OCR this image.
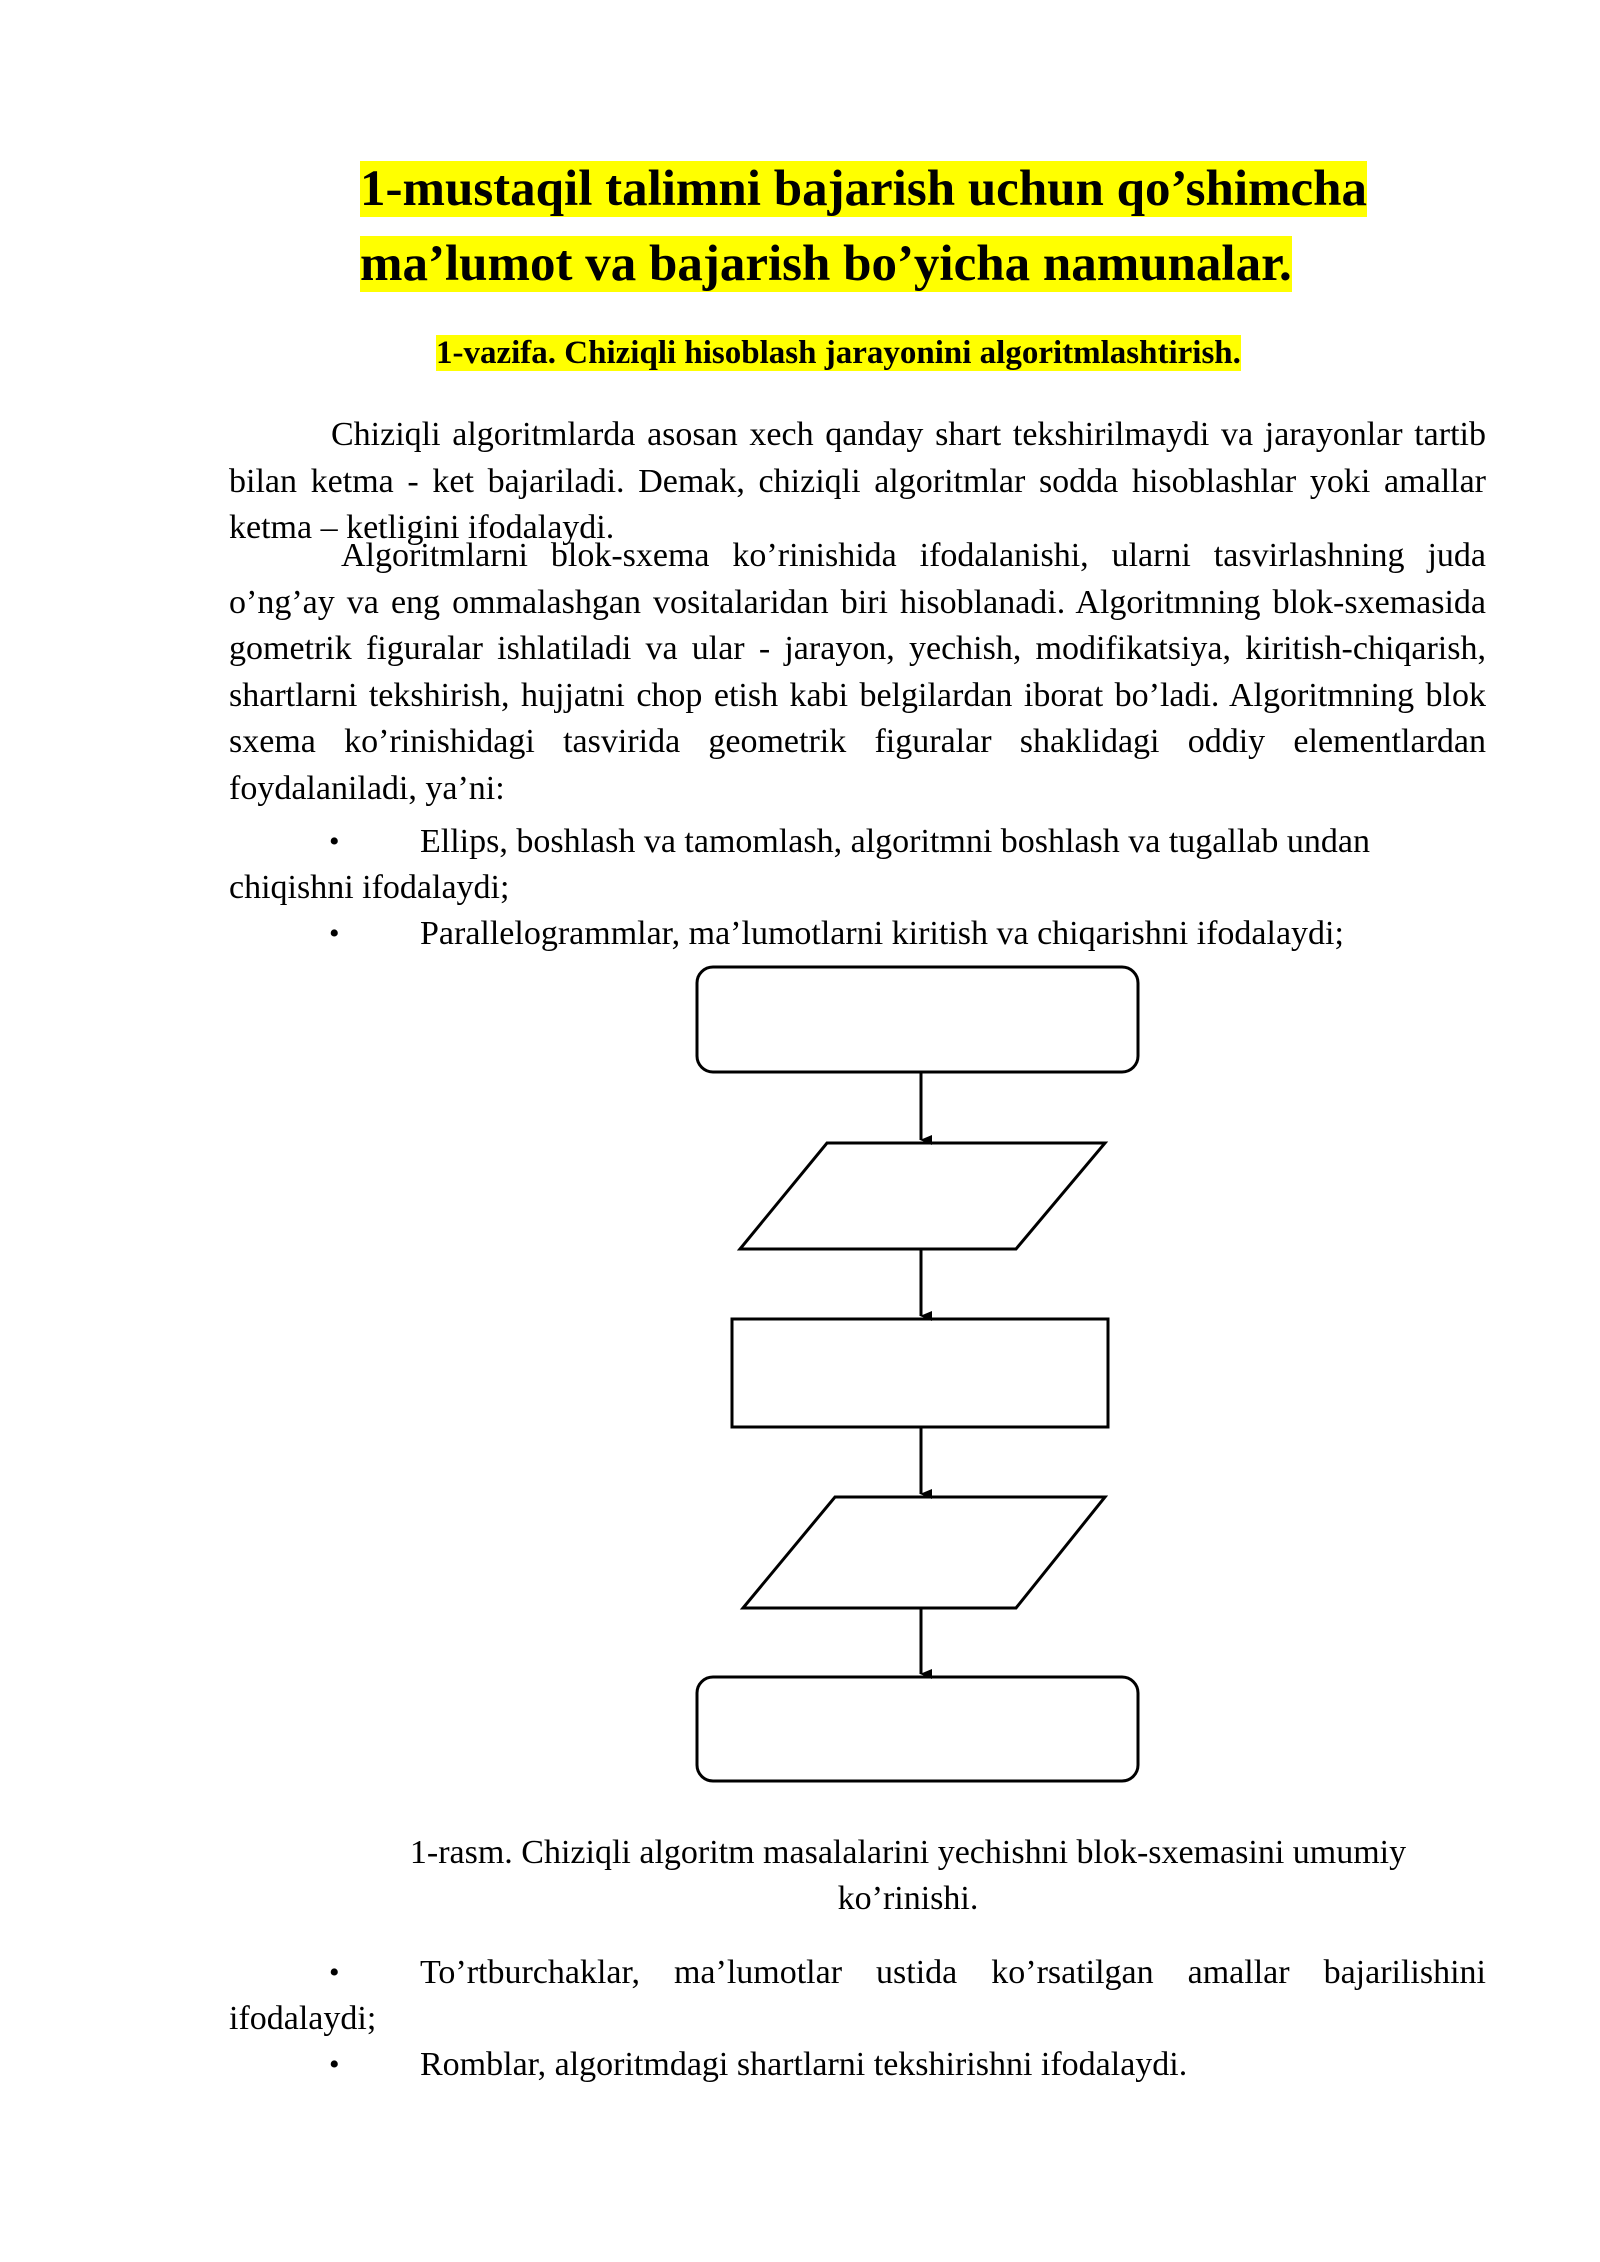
1-mustaqil talimni bajarish uchun qo’shimcha
ma’lumot va bajarish bo’yicha namunalar.
1-vazifa. Chiziqli hisoblash jarayonini algoritmlashtirish.

Chiziqli algoritmlarda asosan xech qanday shart tekshirilmaydi va jarayonlar tartib bilan ketma - ket bajariladi. Demak, chiziqli algoritmlar sodda hisoblashlar yoki amallar ketma – ketligini ifodalaydi.

Algoritmlarni blok-sxema ko’rinishida ifodalanishi, ularni tasvirlashning juda o’ng’ay va eng ommalashgan vositalaridan biri hisoblanadi. Algoritmning blok-sxemasida gometrik figuralar ishlatiladi va ular - jarayon, yechish, modifikatsiya, kiritish-chiqarish, shartlarni tekshirish, hujjatni chop etish kabi belgilardan iborat bo’ladi. Algoritmning blok sxema ko’rinishidagi tasvirida geometrik figuralar shaklidagi oddiy elementlardan foydalaniladi, ya’ni:

• Ellips, boshlash va tamomlash, algoritmni boshlash va tugallab undan

chiqishni ifodalaydi;

• Parallelogrammlar, ma’lumotlarni kiritish va chiqarishni ifodalaydi;

1-rasm. Chiziqli algoritm masalalarini yechishni blok-sxemasini umumiy
ko’rinishi.

• To’rtburchaklar, ma’lumotlar ustida ko’rsatilgan amallar bajarilishini

ifodalaydi;

• Romblar, algoritmdagi shartlarni tekshirishni ifodalaydi.
